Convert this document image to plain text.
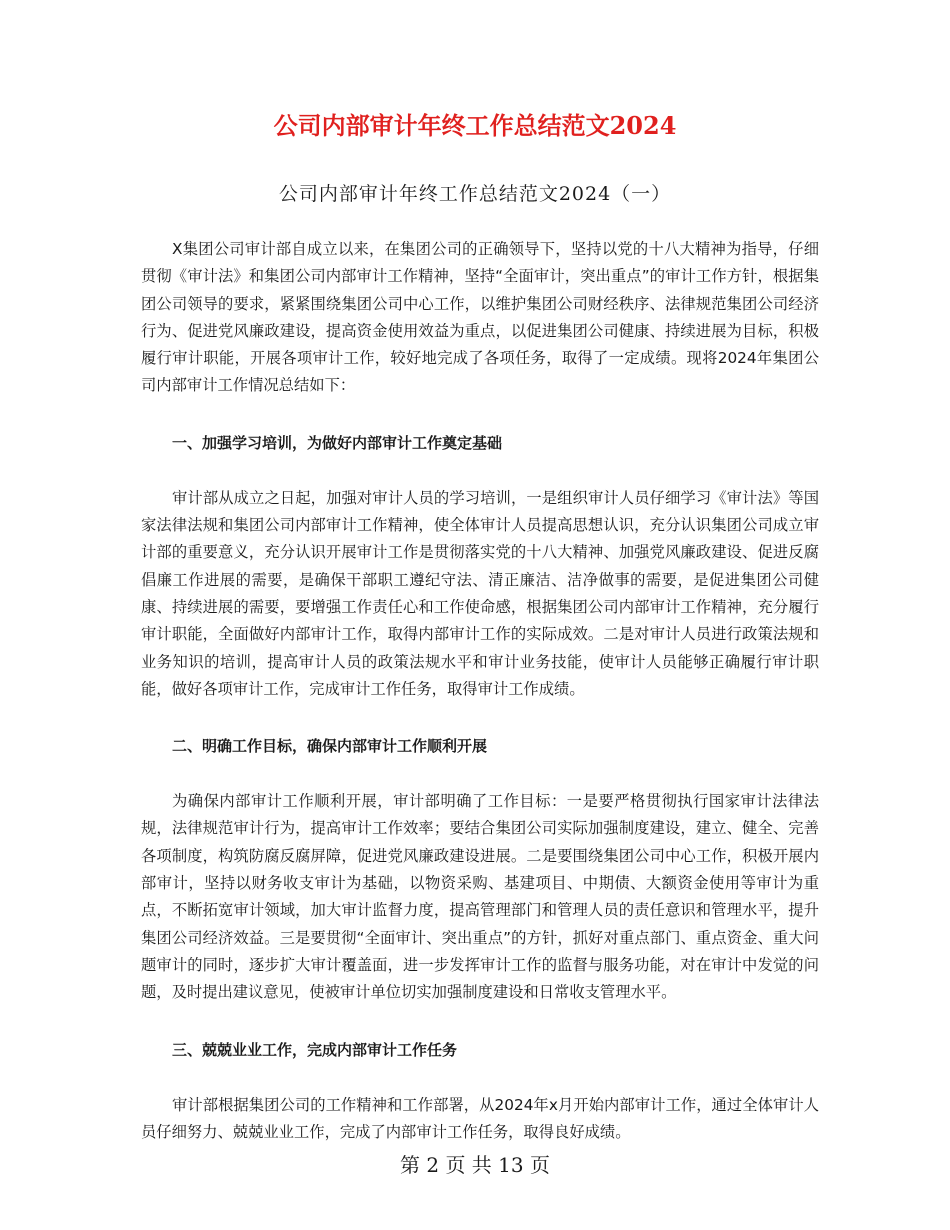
公司内部审计年终工作总结范文2024
公司内部审计年终工作总结范文2024（一）

X集团公司审计部自成立以来，在集团公司的正确领导下，坚持以党的十八大精神为指导，仔细贯彻《审计法》和集团公司内部审计工作精神，坚持“全面审计，突出重点”的审计工作方针，根据集团公司领导的要求，紧紧围绕集团公司中心工作，以维护集团公司财经秩序、法律规范集团公司经济行为、促进党风廉政建设，提高资金使用效益为重点，以促进集团公司健康、持续进展为目标，积极履行审计职能，开展各项审计工作，较好地完成了各项任务，取得了一定成绩。现将2024年集团公司内部审计工作情况总结如下：

一、加强学习培训，为做好内部审计工作奠定基础

审计部从成立之日起，加强对审计人员的学习培训，一是组织审计人员仔细学习《审计法》等国家法律法规和集团公司内部审计工作精神，使全体审计人员提高思想认识，充分认识集团公司成立审计部的重要意义，充分认识开展审计工作是贯彻落实党的十八大精神、加强党风廉政建设、促进反腐倡廉工作进展的需要，是确保干部职工遵纪守法、清正廉洁、洁净做事的需要，是促进集团公司健康、持续进展的需要，要增强工作责任心和工作使命感，根据集团公司内部审计工作精神，充分履行审计职能，全面做好内部审计工作，取得内部审计工作的实际成效。二是对审计人员进行政策法规和业务知识的培训，提高审计人员的政策法规水平和审计业务技能，使审计人员能够正确履行审计职能，做好各项审计工作，完成审计工作任务，取得审计工作成绩。

二、明确工作目标，确保内部审计工作顺利开展

为确保内部审计工作顺利开展，审计部明确了工作目标：一是要严格贯彻执行国家审计法律法规，法律规范审计行为，提高审计工作效率；要结合集团公司实际加强制度建设，建立、健全、完善各项制度，构筑防腐反腐屏障，促进党风廉政建设进展。二是要围绕集团公司中心工作，积极开展内部审计，坚持以财务收支审计为基础，以物资采购、基建项目、中期债、大额资金使用等审计为重点，不断拓宽审计领域，加大审计监督力度，提高管理部门和管理人员的责任意识和管理水平，提升集团公司经济效益。三是要贯彻“全面审计、突出重点”的方针，抓好对重点部门、重点资金、重大问题审计的同时，逐步扩大审计覆盖面，进一步发挥审计工作的监督与服务功能，对在审计中发觉的问题，及时提出建议意见，使被审计单位切实加强制度建设和日常收支管理水平。

三、兢兢业业工作，完成内部审计工作任务

审计部根据集团公司的工作精神和工作部署，从2024年x月开始内部审计工作，通过全体审计人员仔细努力、兢兢业业工作，完成了内部审计工作任务，取得良好成绩。

第 2 页 共 13 页
